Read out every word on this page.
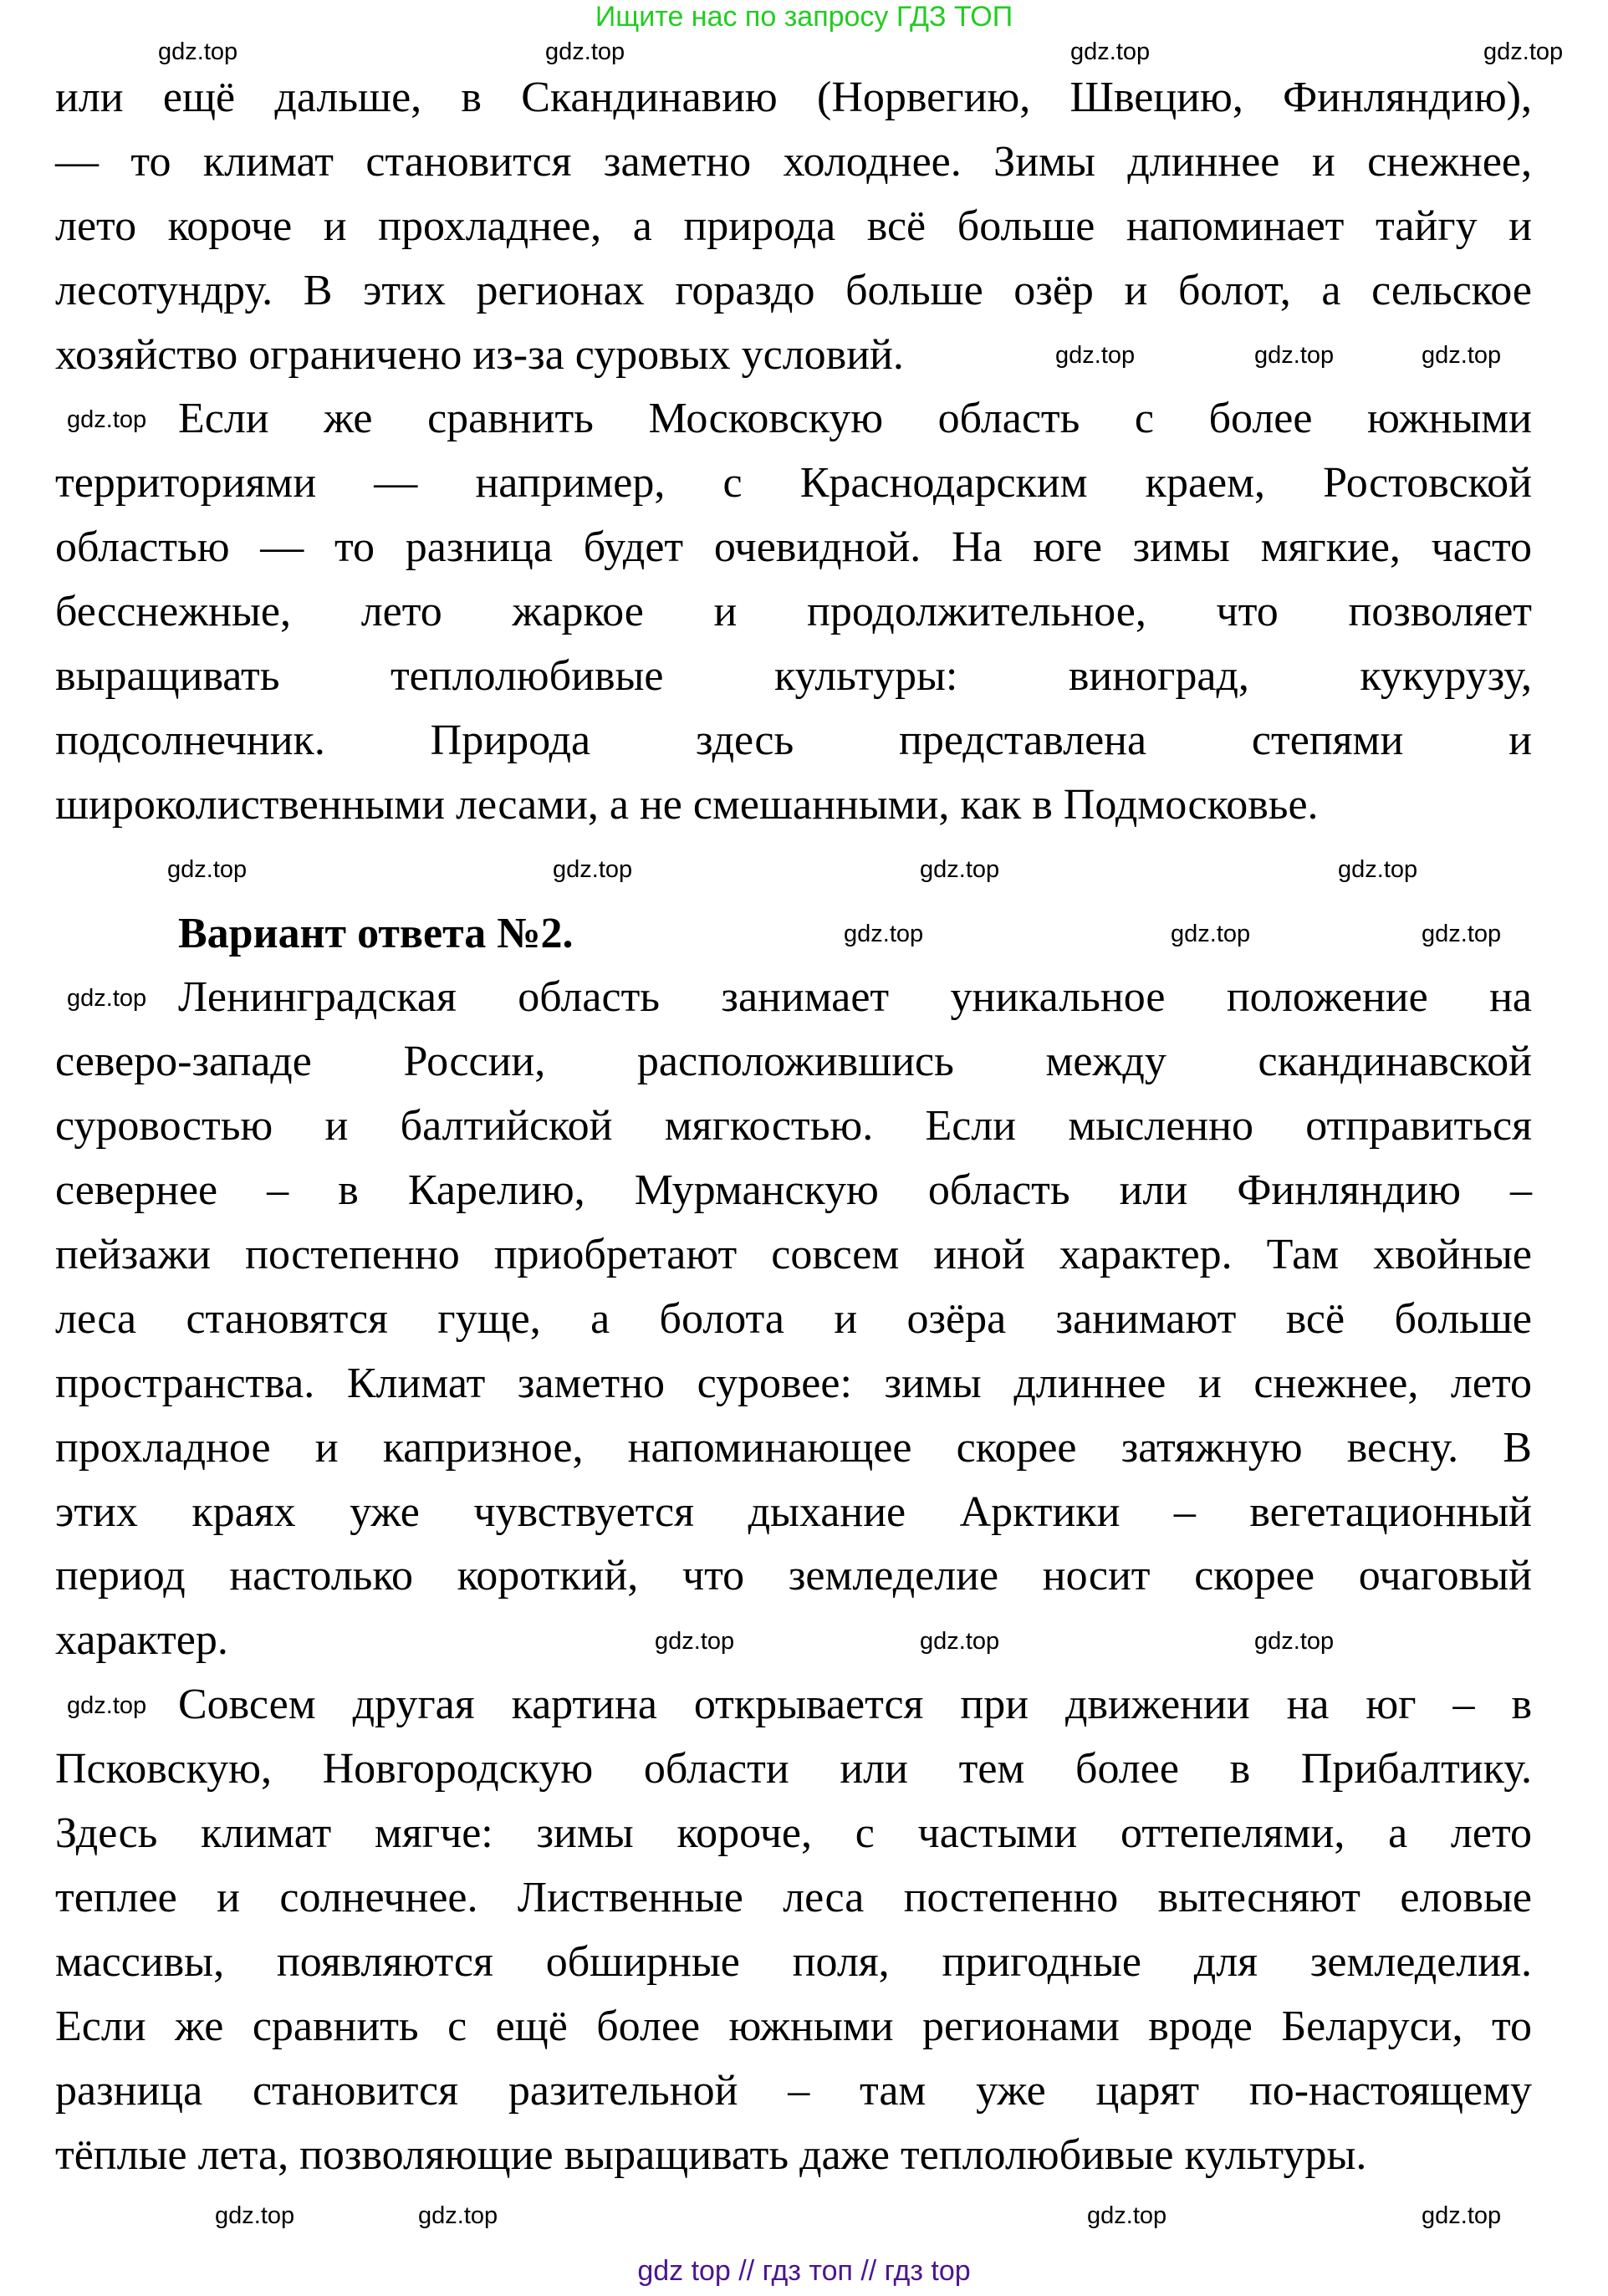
Ищите нас по запросу ГДЗ ТОП
или ещё дальше, в Скандинавию (Норвегию, Швецию, Финляндию),
— то климат становится заметно холоднее. Зимы длиннее и снежнее,
лето короче и прохладнее, а природа всё больше напоминает тайгу и
лесотундру. В этих регионах гораздо больше озёр и болот, а сельское
хозяйство ограничено из-за суровых условий.
Если же сравнить Московскую область с более южными
территориями — например, с Краснодарским краем, Ростовской
областью — то разница будет очевидной. На юге зимы мягкие, часто
бесснежные, лето жаркое и продолжительное, что позволяет
выращивать теплолюбивые культуры: виноград, кукурузу,
подсолнечник. Природа здесь представлена степями и
широколиственными лесами, а не смешанными, как в Подмосковье.
Вариант ответа №2.
Ленинградская область занимает уникальное положение на
северо-западе России, расположившись между скандинавской
суровостью и балтийской мягкостью. Если мысленно отправиться
севернее – в Карелию, Мурманскую область или Финляндию –
пейзажи постепенно приобретают совсем иной характер. Там хвойные
леса становятся гуще, а болота и озёра занимают всё больше
пространства. Климат заметно суровее: зимы длиннее и снежнее, лето
прохладное и капризное, напоминающее скорее затяжную весну. В
этих краях уже чувствуется дыхание Арктики – вегетационный
период настолько короткий, что земледелие носит скорее очаговый
характер.
Совсем другая картина открывается при движении на юг – в
Псковскую, Новгородскую области или тем более в Прибалтику.
Здесь климат мягче: зимы короче, с частыми оттепелями, а лето
теплее и солнечнее. Лиственные леса постепенно вытесняют еловые
массивы, появляются обширные поля, пригодные для земледелия.
Если же сравнить с ещё более южными регионами вроде Беларуси, то
разница становится разительной – там уже царят по-настоящему
тёплые лета, позволяющие выращивать даже теплолюбивые культуры.
gdz.top	gdz.top	gdz.top	gdz.top
gdz.top	gdz.top	gdz.top
gdz.top
gdz.top	gdz.top	gdz.top	gdz.top
gdz.top	gdz.top	gdz.top
gdz.top
gdz.top	gdz.top	gdz.top
gdz.top
gdz.top	gdz.top	gdz.top	gdz.top
gdz top // гдз топ // гдз top
